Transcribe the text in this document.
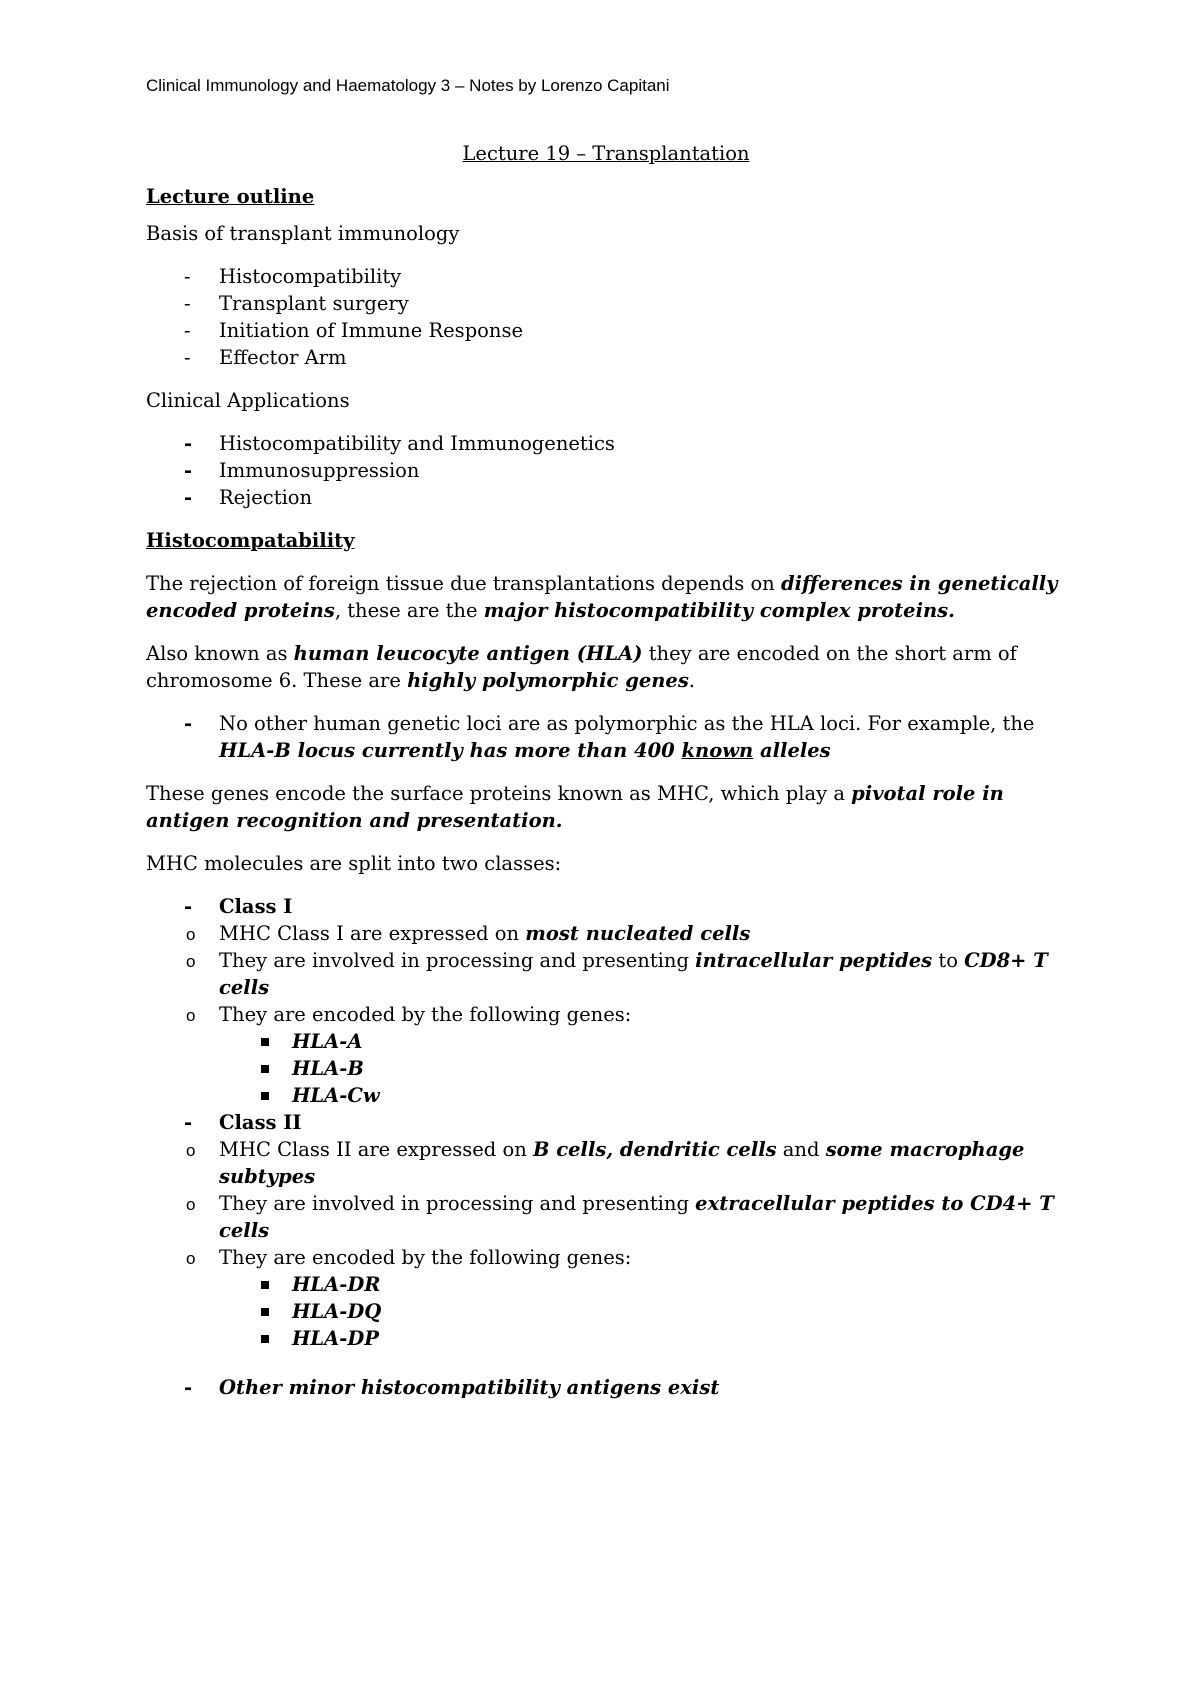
Clinical Immunology and Haematology 3 – Notes by Lorenzo Capitani

Lecture 19 – Transplantation

Lecture outline

Basis of transplant immunology

- Histocompatibility
- Transplant surgery
- Initiation of Immune Response
- Effector Arm

Clinical Applications

- Histocompatibility and Immunogenetics
- Immunosuppression
- Rejection

Histocompatability

The rejection of foreign tissue due transplantations depends on differences in genetically encoded proteins, these are the major histocompatibility complex proteins.

Also known as human leucocyte antigen (HLA) they are encoded on the short arm of chromosome 6. These are highly polymorphic genes.

- No other human genetic loci are as polymorphic as the HLA loci. For example, the HLA-B locus currently has more than 400 known alleles

These genes encode the surface proteins known as MHC, which play a pivotal role in antigen recognition and presentation.

MHC molecules are split into two classes:

- Class I
o MHC Class I are expressed on most nucleated cells
o They are involved in processing and presenting intracellular peptides to CD8+ T cells
o They are encoded by the following genes:
HLA-A
HLA-B
HLA-Cw
- Class II
o MHC Class II are expressed on B cells, dendritic cells and some macrophage subtypes
o They are involved in processing and presenting extracellular peptides to CD4+ T cells
o They are encoded by the following genes:
HLA-DR
HLA-DQ
HLA-DP
- Other minor histocompatibility antigens exist
